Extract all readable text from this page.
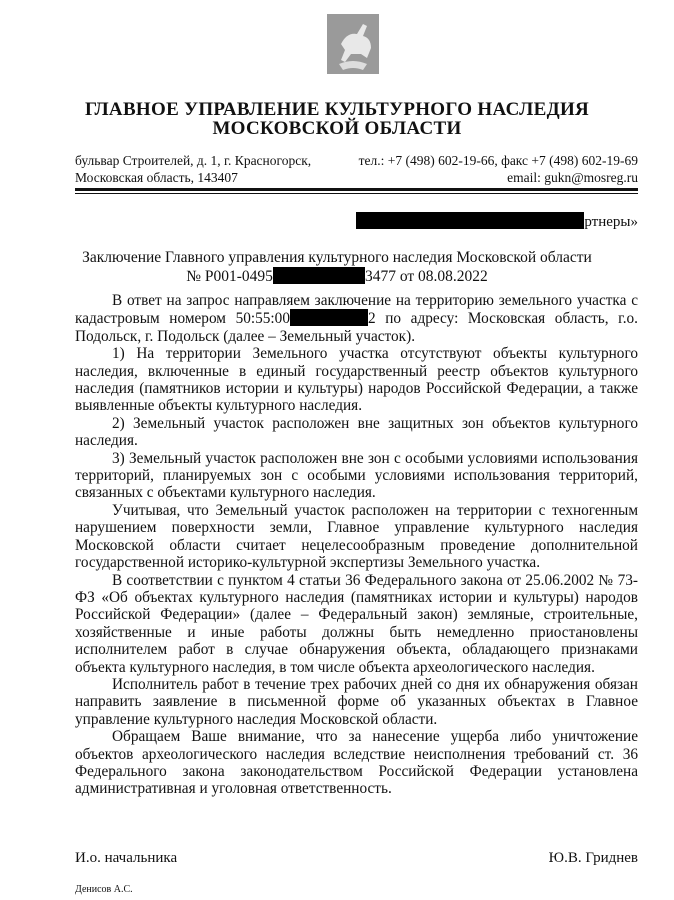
ГЛАВНОЕ УПРАВЛЕНИЕ КУЛЬТУРНОГО НАСЛЕДИЯ
МОСКОВСКОЙ ОБЛАСТИ
бульвар Строителей, д. 1, г. Красногорск,
Московская область, 143407
тел.: +7 (498) 602-19-66, факс +7 (498) 602-19-69
email: gukn@mosreg.ru
ртнеры»
Заключение Главного управления культурного наследия Московской области
№ Р001-0495	3477 от 08.08.2022

В ответ на запрос направляем заключение на территорию земельного участка с кадастровым номером 50:55:00	2 по адресу: Московская область, г.о. Подольск, г. Подольск (далее – Земельный участок).

1) На территории Земельного участка отсутствуют объекты культурного наследия, включенные в единый государственный реестр объектов культурного наследия (памятников истории и культуры) народов Российской Федерации, а также выявленные объекты культурного наследия.

2) Земельный участок расположен вне защитных зон объектов культурного наследия.

3) Земельный участок расположен вне зон с особыми условиями использования территорий, планируемых зон с особыми условиями использования территорий, связанных с объектами культурного наследия.

Учитывая, что Земельный участок расположен на территории с техногенным нарушением поверхности земли, Главное управление культурного наследия Московской области считает нецелесообразным проведение дополнительной государственной историко-культурной экспертизы Земельного участка.

В соответствии с пунктом 4 статьи 36 Федерального закона от 25.06.2002 № 73-ФЗ «Об объектах культурного наследия (памятниках истории и культуры) народов Российской Федерации» (далее – Федеральный закон) земляные, строительные, хозяйственные и иные работы должны быть немедленно приостановлены исполнителем работ в случае обнаружения объекта, обладающего признаками объекта культурного наследия, в том числе объекта археологического наследия.

Исполнитель работ в течение трех рабочих дней со дня их обнаружения обязан направить заявление в письменной форме об указанных объектах в Главное управление культурного наследия Московской области.

Обращаем Ваше внимание, что за нанесение ущерба либо уничтожение объектов археологического наследия вследствие неисполнения требований ст. 36 Федерального закона законодательством Российской Федерации установлена административная и уголовная ответственность.

И.о. начальника	Ю.В. Гриднев
Денисов А.С.
